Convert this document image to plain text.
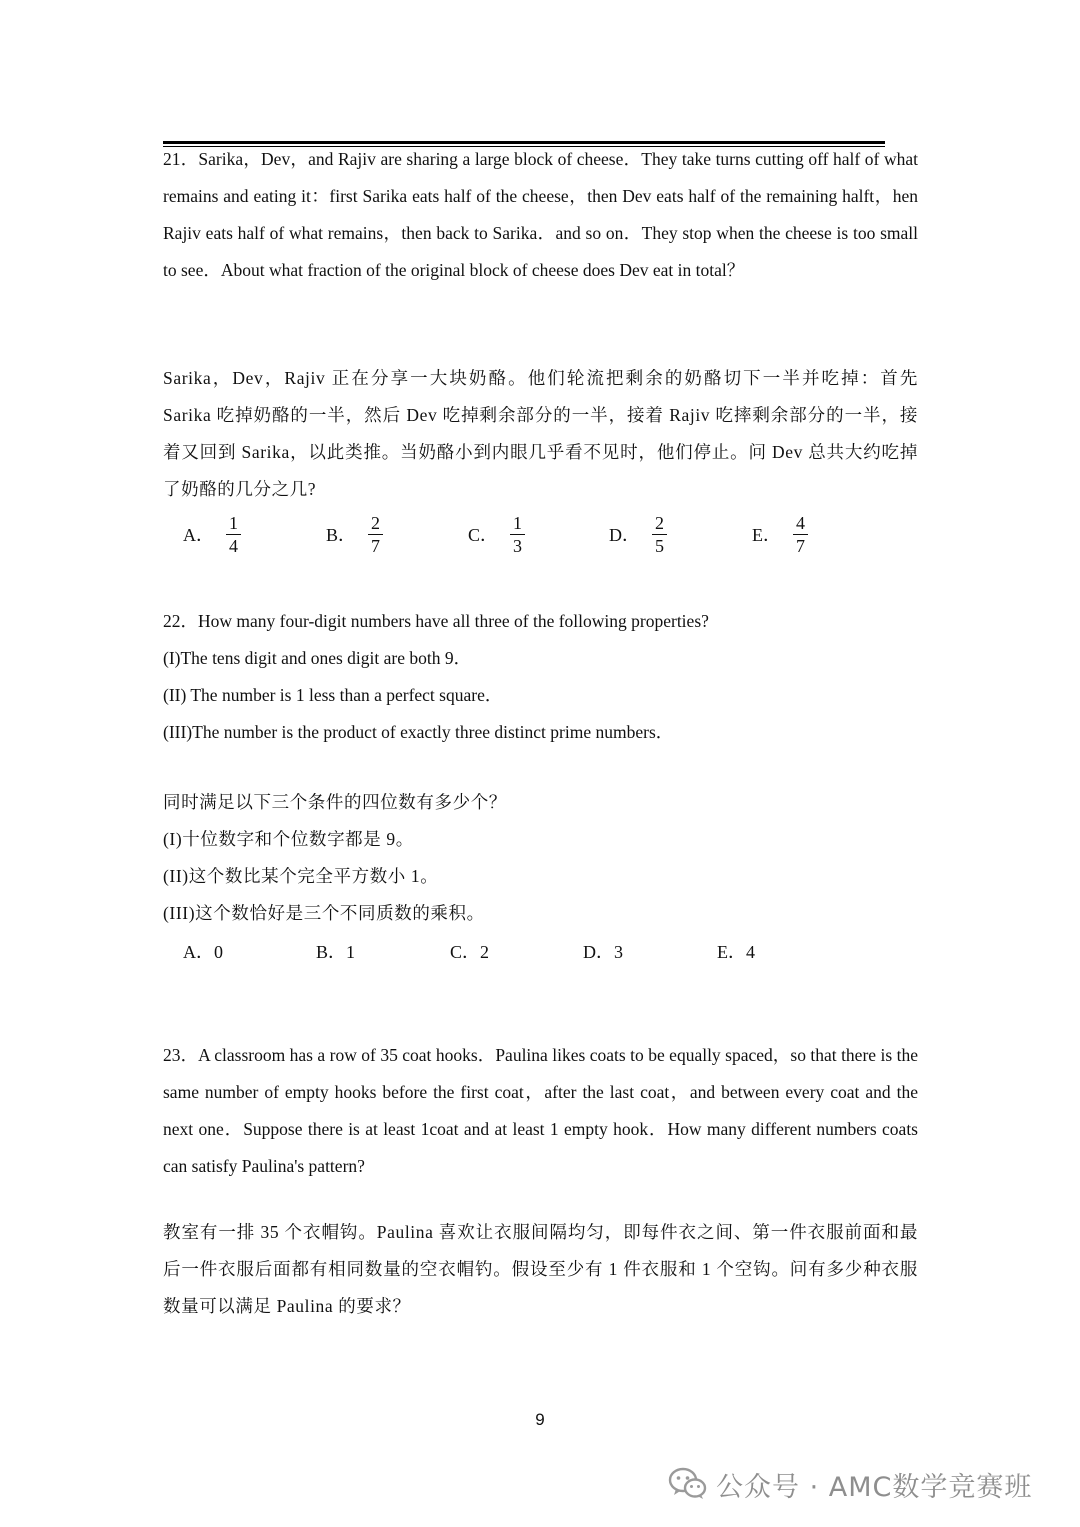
21．Sarika，Dev，and Rajiv are sharing a large block of cheese．They take turns cutting off half of what remains and eating it：first Sarika eats half of the cheese，then Dev eats half of the remaining halft，hen Rajiv eats half of what remains，then back to Sarika．and so on．They stop when the cheese is too small to see．About what fraction of the original block of cheese does Dev eat in total？

Sarika，Dev，Rajiv 正在分享一大块奶酪。他们轮流把剩余的奶酪切下一半并吃掉：首先 Sarika 吃掉奶酪的一半，然后 Dev 吃掉剩余部分的一半，接着 Rajiv 吃摔剩余部分的一半，接着又回到 Sarika，以此类推。当奶酪小到内眼几乎看不见时，他们停止。问 Dev 总共大约吃掉了奶酪的几分之几?

A． $\frac{1}{4}$	B． $\frac{2}{7}$	C． $\frac{1}{3}$	D． $\frac{2}{5}$	E． $\frac{4}{7}$

22．How many four-digit numbers have all three of the following properties?

(I)The tens digit and ones digit are both 9．

(II) The number is 1 less than a perfect square．

(III)The number is the product of exactly three distinct prime numbers．

同时满足以下三个条件的四位数有多少个？

(I)十位数字和个位数字都是 9。

(II)这个数比某个完全平方数小 1。

(III)这个数恰好是三个不同质数的乘积。

A．0	B．1	C．2	D．3	E．4

23．A classroom has a row of 35 coat hooks．Paulina likes coats to be equally spaced，so that there is the same number of empty hooks before the first coat，after the last coat，and between every coat and the next one．Suppose there is at least 1coat and at least 1 empty hook．How many different numbers coats can satisfy Paulina's pattern?

教室有一排 35 个衣帽钩。Paulina 喜欢让衣服间隔均匀，即每件衣之间、第一件衣服前面和最后一件衣服后面都有相同数量的空衣帽钓。假设至少有 1 件衣服和 1 个空钩。问有多少种衣服数量可以满足 Paulina 的要求？

9
公众号 · AMC数学竞赛班
